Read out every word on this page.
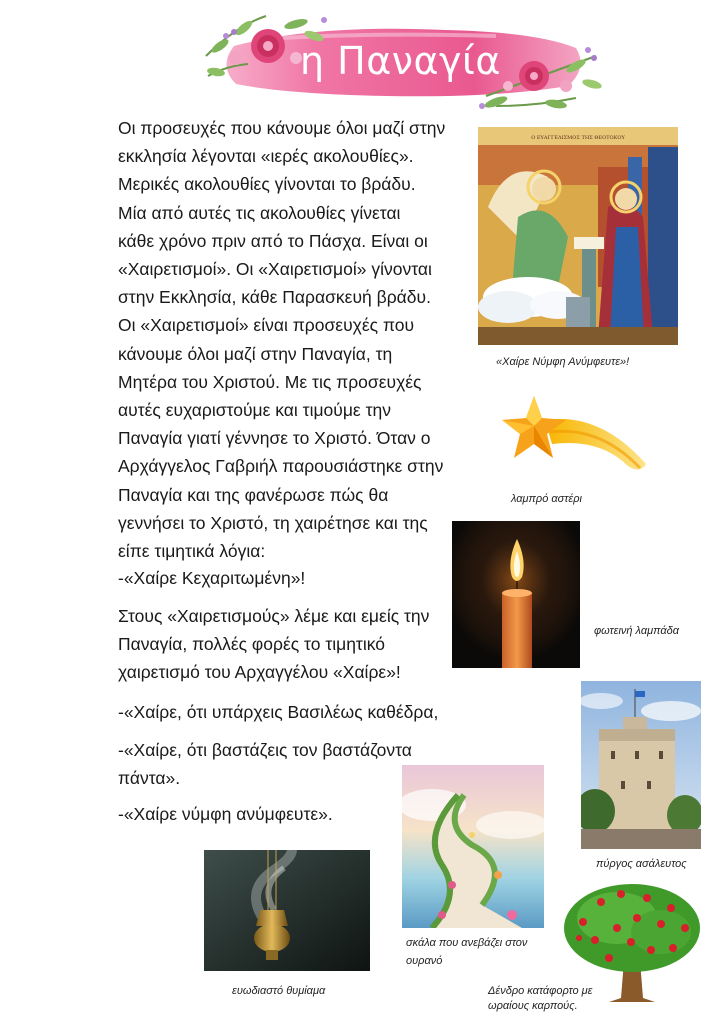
η Παναγία
Οι προσευχές που κάνουμε όλοι μαζί στην
εκκλησία λέγονται «ιερές ακολουθίες».
Μερικές ακολουθίες γίνονται το βράδυ.
Μία από αυτές τις ακολουθίες γίνεται
κάθε χρόνο πριν από το Πάσχα. Είναι οι
«Χαιρετισμοί». Οι «Χαιρετισμοί» γίνονται
στην Εκκλησία, κάθε Παρασκευή βράδυ.
Οι «Χαιρετισμοί» είναι προσευχές που
κάνουμε όλοι μαζί στην Παναγία, τη
Μητέρα του Χριστού. Με τις προσευχές
αυτές ευχαριστούμε και τιμούμε την
Παναγία γιατί γέννησε το Χριστό. Όταν ο
Αρχάγγελος Γαβριήλ παρουσιάστηκε στην
Παναγία και της φανέρωσε πώς θα
γεννήσει το Χριστό, τη χαιρέτησε και της
είπε τιμητικά λόγια:
-«Χαίρε Κεχαριτωμένη»!
Στους «Χαιρετισμούς» λέμε και εμείς την
Παναγία, πολλές φορές το τιμητικό
χαιρετισμό του Αρχαγγέλου «Χαίρε»!
-«Χαίρε, ότι υπάρχεις Βασιλέως καθέδρα,
-«Χαίρε, ότι βαστάζεις τον βαστάζοντα
πάντα».
-«Χαίρε νύμφη ανύμφευτε».
Ο ΕΥΑΓΓΕΛΙΣΜΟΣ ΤΗΣ ΘΕΟΤΟΚΟΥ
«Χαίρε Νύμφη Ανύμφευτε»!
λαμπρό αστέρι
φωτεινή λαμπάδα
πύργος ασάλευτος
σκάλα που ανεβάζει στον
ουρανό
Δένδρο κατάφορτο με
ωραίους καρπούς.
ευωδιαστό θυμίαμα
